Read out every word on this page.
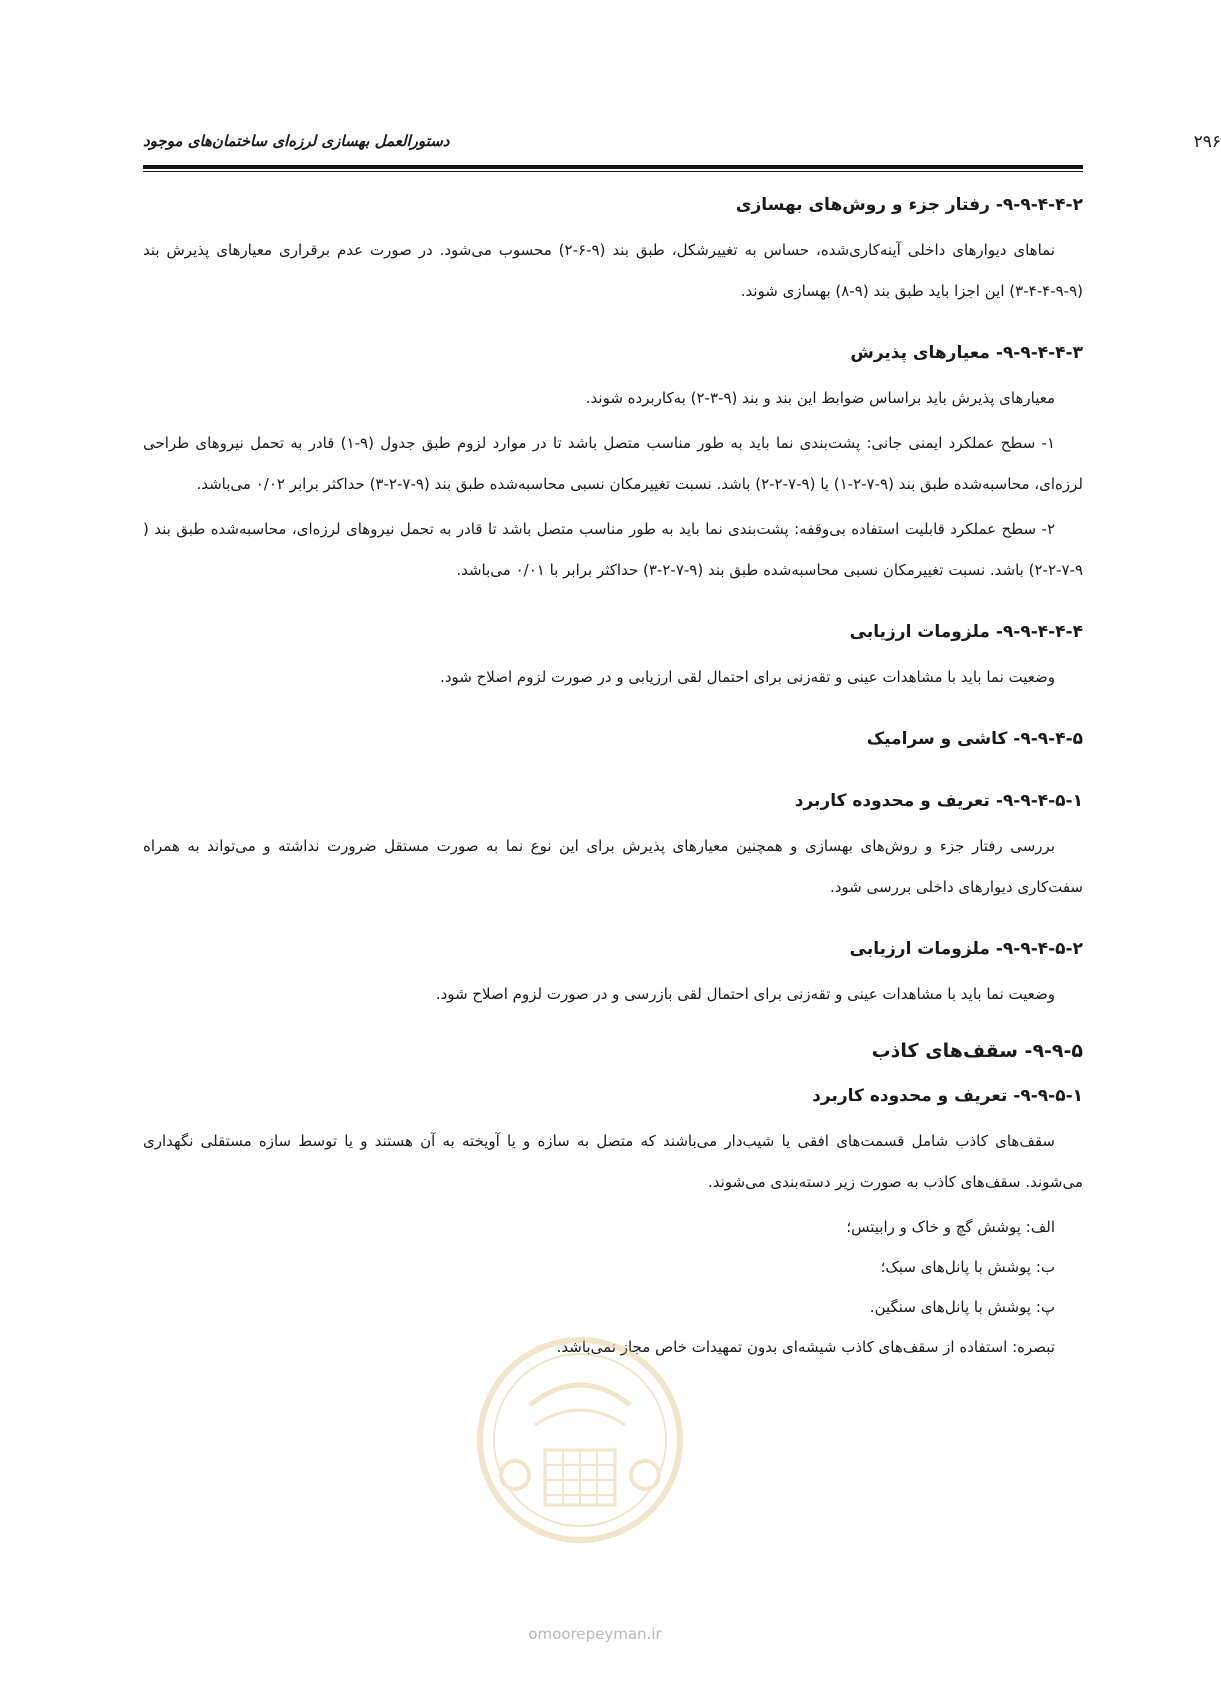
۲۹۶
دستورالعمل بهسازی لرزه‌ای ساختمان‌های موجود
۹-۹-۴-۴-۲- رفتار جزء و روش‌های بهسازی

نماهای دیوارهای داخلی آینه‌کاری‌شده، حساس به تغییرشکل، طبق بند (۹-۶-۲) محسوب می‌شود. در صورت عدم برقراری معیارهای پذیرش بند (۹-۹-۴-۴-۳) این اجزا باید طبق بند (۹-۸) بهسازی شوند.

۹-۹-۴-۴-۳- معیارهای پذیرش

معیارهای پذیرش باید براساس ضوابط این بند و بند (۹-۳-۲) به‌کاربرده شوند.

۱- سطح عملکرد ایمنی جانی: پشت‌بندی نما باید به طور مناسب متصل باشد تا در موارد لزوم طبق جدول (۹-۱) قادر به تحمل نیروهای طراحی لرزه‌ای، محاسبه‌شده طبق بند (۹-۷-۲-۱) یا (۹-۷-۲-۲) باشد. نسبت تغییرمکان نسبی محاسبه‌شده طبق بند (۹-۷-۲-۳) حداکثر برابر ۰/۰۲ می‌باشد.

۲- سطح عملکرد قابلیت استفاده بی‌وقفه: پشت‌بندی نما باید به طور مناسب متصل باشد تا قادر به تحمل نیروهای لرزه‌ای، محاسبه‌شده طبق بند ( ۹-۷-۲-۲) باشد. نسبت تغییرمکان نسبی محاسبه‌شده طبق بند (۹-۷-۲-۳) حداکثر برابر با ۰/۰۱ می‌باشد.

۹-۹-۴-۴-۴- ملزومات ارزیابی

وضعیت نما باید با مشاهدات عینی و تقه‌زنی برای احتمال لقی ارزیابی و در صورت لزوم اصلاح شود.

۹-۹-۴-۵- کاشی و سرامیک
۹-۹-۴-۵-۱- تعریف و محدوده کاربرد

بررسی رفتار جزء و روش‌های بهسازی و همچنین معیارهای پذیرش برای این نوع نما به صورت مستقل ضرورت نداشته و می‌تواند به همراه سفت‌کاری دیوارهای داخلی بررسی شود.

۹-۹-۴-۵-۲- ملزومات ارزیابی

وضعیت نما باید با مشاهدات عینی و تقه‌زنی برای احتمال لقی بازرسی و در صورت لزوم اصلاح شود.

۹-۹-۵- سقف‌های کاذب
۹-۹-۵-۱- تعریف و محدوده کاربرد

سقف‌های کاذب شامل قسمت‌های افقی یا شیب‌دار می‌باشند که متصل به سازه و یا آویخته به آن هستند و یا توسط سازه مستقلی نگهداری می‌شوند. سقف‌های کاذب به صورت زیر دسته‌بندی می‌شوند.

الف: پوشش گچ و خاک و رابیتس؛
ب: پوشش با پانل‌های سبک؛
پ: پوشش با پانل‌های سنگین.
تبصره: استفاده از سقف‌های کاذب شیشه‌ای بدون تمهیدات خاص مجاز نمی‌باشد.
omoorepeyman.ir
